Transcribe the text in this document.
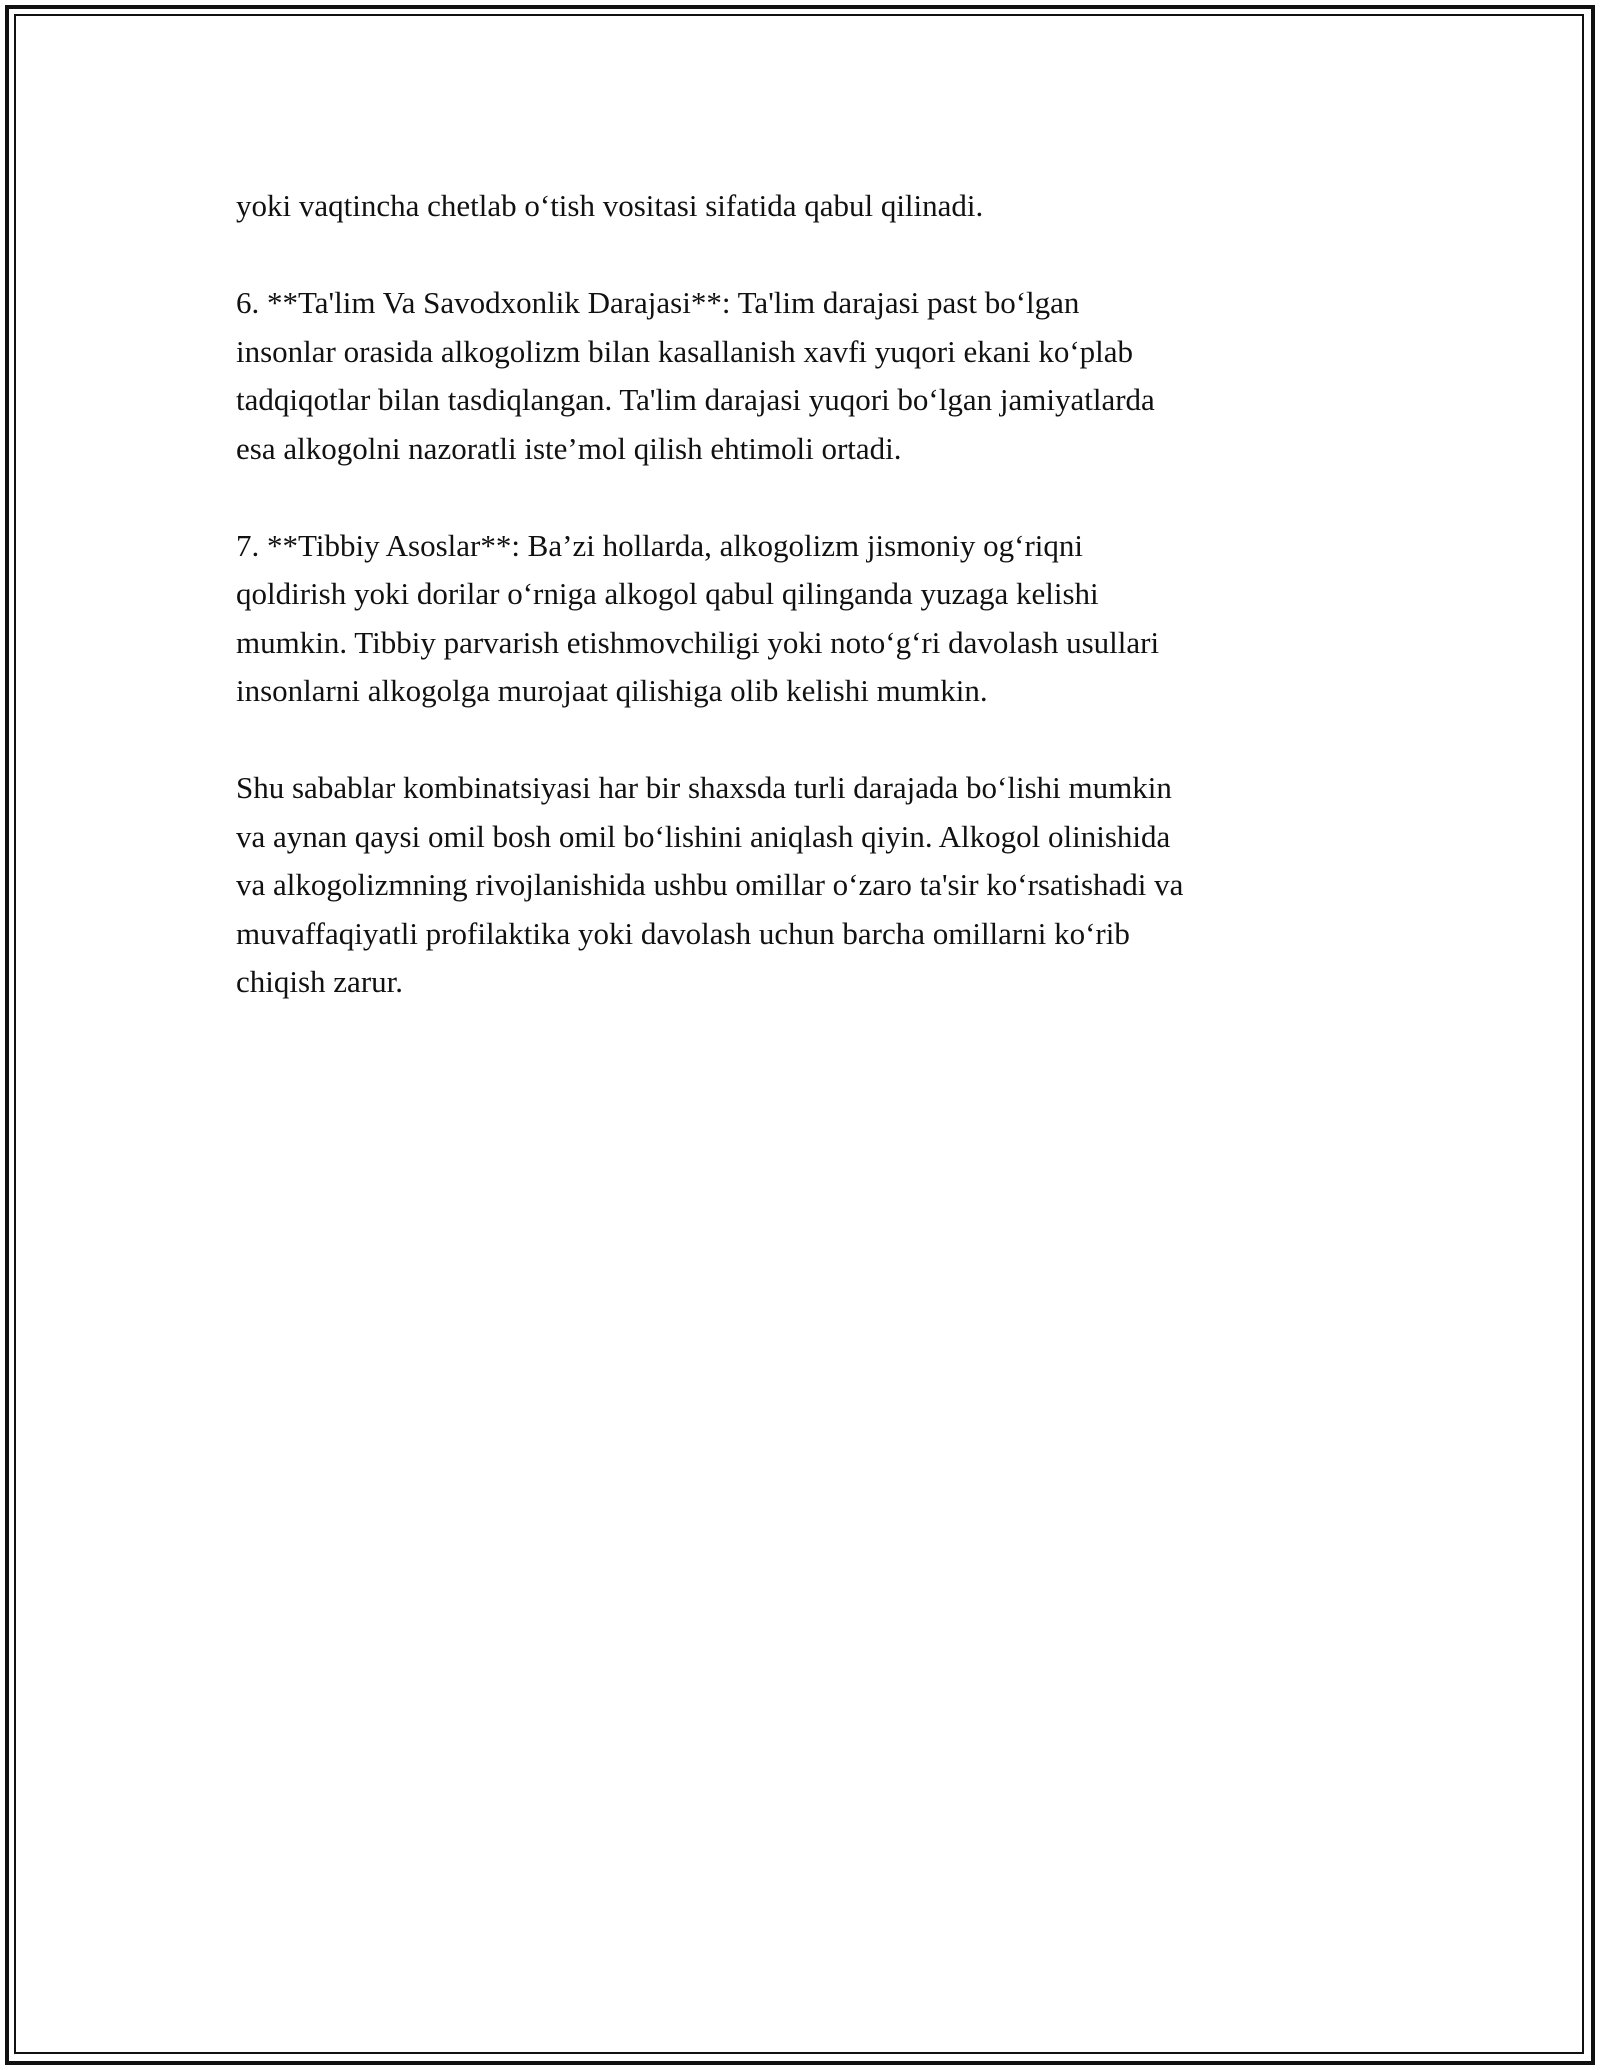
yoki vaqtincha chetlab o‘tish vositasi sifatida qabul qilinadi.

6. **Ta'lim Va Savodxonlik Darajasi**: Ta'lim darajasi past bo‘lgan
insonlar orasida alkogolizm bilan kasallanish xavfi yuqori ekani ko‘plab
tadqiqotlar bilan tasdiqlangan. Ta'lim darajasi yuqori bo‘lgan jamiyatlarda
esa alkogolni nazoratli iste’mol qilish ehtimoli ortadi.

7. **Tibbiy Asoslar**: Ba’zi hollarda, alkogolizm jismoniy og‘riqni
qoldirish yoki dorilar o‘rniga alkogol qabul qilinganda yuzaga kelishi
mumkin. Tibbiy parvarish etishmovchiligi yoki noto‘g‘ri davolash usullari
insonlarni alkogolga murojaat qilishiga olib kelishi mumkin.

Shu sabablar kombinatsiyasi har bir shaxsda turli darajada bo‘lishi mumkin
va aynan qaysi omil bosh omil bo‘lishini aniqlash qiyin. Alkogol olinishida
va alkogolizmning rivojlanishida ushbu omillar o‘zaro ta'sir ko‘rsatishadi va
muvaffaqiyatli profilaktika yoki davolash uchun barcha omillarni ko‘rib
chiqish zarur.
